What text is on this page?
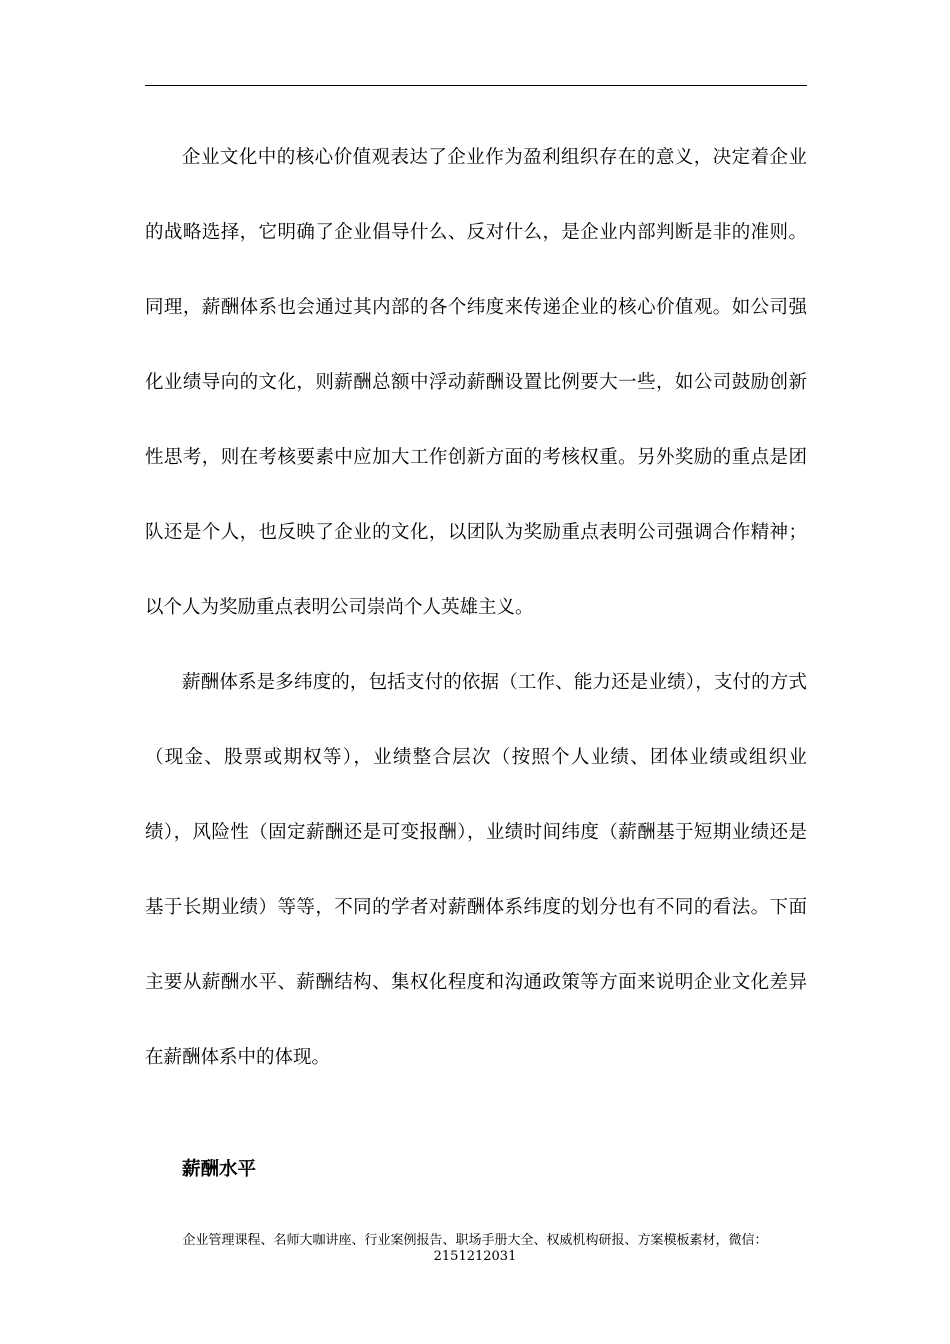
企业文化中的核心价值观表达了企业作为盈利组织存在的意义，决定着企业的战略选择，它明确了企业倡导什么、反对什么，是企业内部判断是非的准则。同理，薪酬体系也会通过其内部的各个纬度来传递企业的核心价值观。如公司强化业绩导向的文化，则薪酬总额中浮动薪酬设置比例要大一些，如公司鼓励创新性思考，则在考核要素中应加大工作创新方面的考核权重。另外奖励的重点是团队还是个人，也反映了企业的文化，以团队为奖励重点表明公司强调合作精神；以个人为奖励重点表明公司崇尚个人英雄主义。

薪酬体系是多纬度的，包括支付的依据（工作、能力还是业绩），支付的方式（现金、股票或期权等），业绩整合层次（按照个人业绩、团体业绩或组织业绩），风险性（固定薪酬还是可变报酬），业绩时间纬度（薪酬基于短期业绩还是基于长期业绩）等等，不同的学者对薪酬体系纬度的划分也有不同的看法。下面主要从薪酬水平、薪酬结构、集权化程度和沟通政策等方面来说明企业文化差异在薪酬体系中的体现。

薪酬水平

企业管理课程、名师大咖讲座、行业案例报告、职场手册大全、权威机构研报、方案模板素材，微信：
2151212031
